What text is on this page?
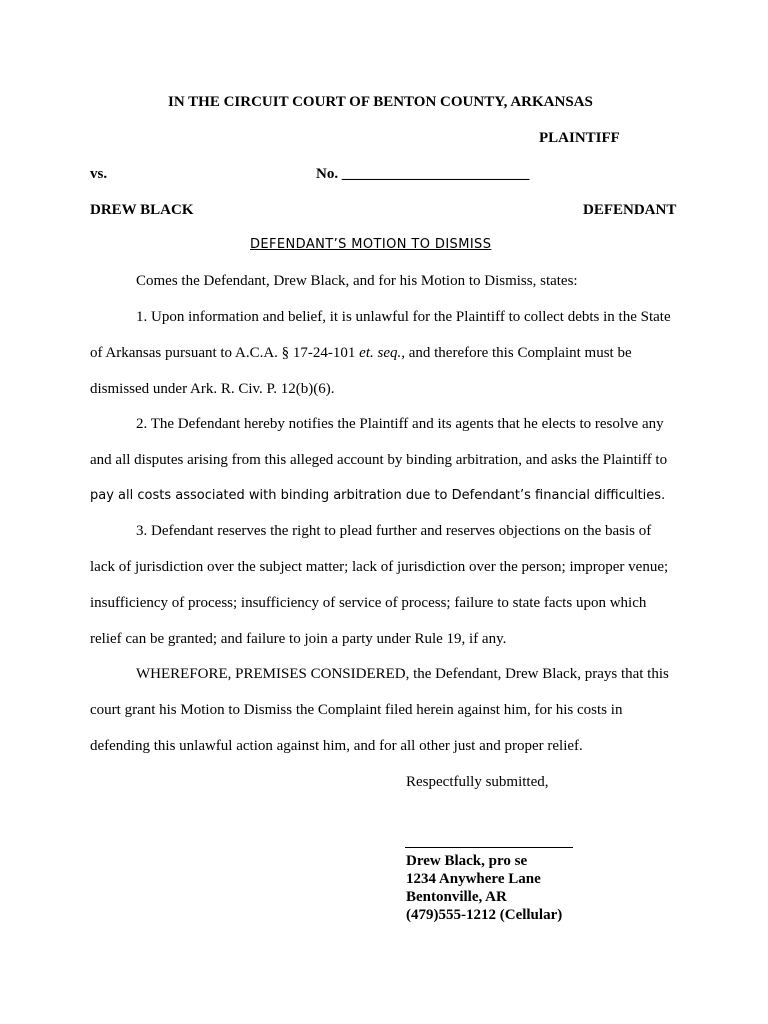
IN THE CIRCUIT COURT OF BENTON COUNTY, ARKANSAS
PLAINTIFF
vs.	No. _________________________
DREW BLACK	DEFENDANT
DEFENDANT’S MOTION TO DISMISS
Comes the Defendant, Drew Black, and for his Motion to Dismiss, states:
1. Upon information and belief, it is unlawful for the Plaintiff to collect debts in the State
of Arkansas pursuant to A.C.A. § 17-24-101 et. seq., and therefore this Complaint must be
dismissed under Ark. R. Civ. P. 12(b)(6).
2. The Defendant hereby notifies the Plaintiff and its agents that he elects to resolve any
and all disputes arising from this alleged account by binding arbitration, and asks the Plaintiff to
pay all costs associated with binding arbitration due to Defendant’s financial difficulties.
3. Defendant reserves the right to plead further and reserves objections on the basis of
lack of jurisdiction over the subject matter; lack of jurisdiction over the person; improper venue;
insufficiency of process; insufficiency of service of process; failure to state facts upon which
relief can be granted; and failure to join a party under Rule 19, if any.
WHEREFORE, PREMISES CONSIDERED, the Defendant, Drew Black, prays that this
court grant his Motion to Dismiss the Complaint filed herein against him, for his costs in
defending this unlawful action against him, and for all other just and proper relief.
Respectfully submitted,
Drew Black, pro se
1234 Anywhere Lane
Bentonville, AR
(479)555-1212 (Cellular)
